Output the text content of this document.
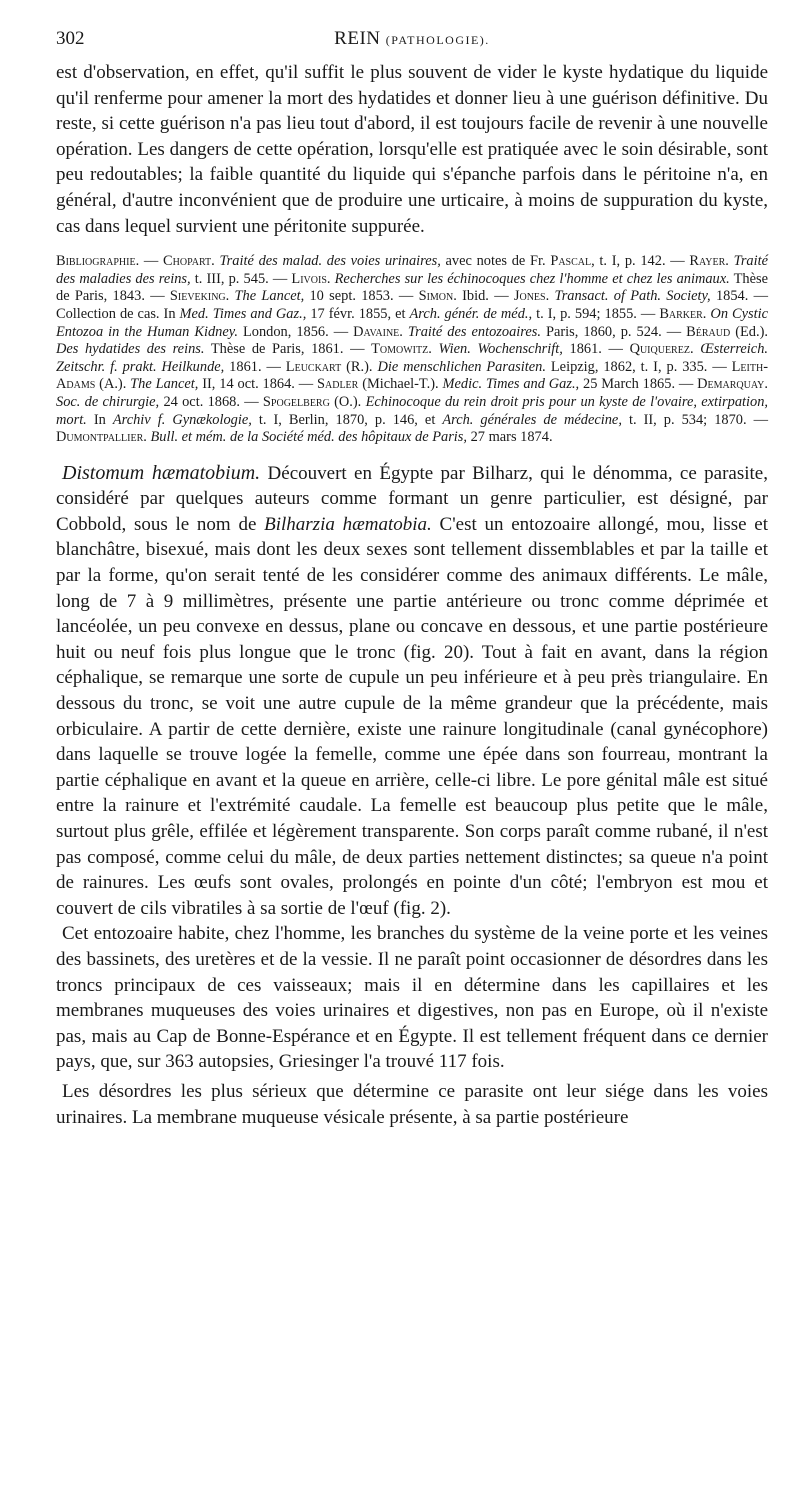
302	REIN (PATHOLOGIE).

est d'observation, en effet, qu'il suffit le plus souvent de vider le kyste hydatique du liquide qu'il renferme pour amener la mort des hydatides et donner lieu à une guérison définitive. Du reste, si cette guérison n'a pas lieu tout d'abord, il est toujours facile de revenir à une nouvelle opération. Les dangers de cette opération, lorsqu'elle est pratiquée avec le soin désirable, sont peu redoutables; la faible quantité du liquide qui s'épanche parfois dans le péritoine n'a, en général, d'autre inconvénient que de produire une urticaire, à moins de suppuration du kyste, cas dans lequel survient une péritonite suppurée.

Bibliographie. — Chopart. Traité des malad. des voies urinaires, avec notes de Fr. Pascal, t. I, p. 142. — Rayer. Traité des maladies des reins, t. III, p. 545. — Livois. Recherches sur les échinocoques chez l'homme et chez les animaux. Thèse de Paris, 1843. — Sieveking. The Lancet, 10 sept. 1853. — Simon. Ibid. — Jones. Transact. of Path. Society, 1854. — Collection de cas. In Med. Times and Gaz., 17 févr. 1855, et Arch. génér. de méd., t. I, p. 594; 1855. — Barker. On Cystic Entozoa in the Human Kidney. London, 1856. — Davaine. Traité des entozoaires. Paris, 1860, p. 524. — Béraud (Ed.). Des hydatides des reins. Thèse de Paris, 1861. — Tomowitz. Wien. Wochenschrift, 1861. — Quiquerez. Œsterreich. Zeitschr. f. prakt. Heilkunde, 1861. — Leuckart (R.). Die menschlichen Parasiten. Leipzig, 1862, t. I, p. 335. — Leith-Adams (A.). The Lancet, II, 14 oct. 1864. — Sadler (Michael-T.). Medic. Times and Gaz., 25 March 1865. — Demarquay. Soc. de chirurgie, 24 oct. 1868. — Spogelberg (O.). Echinocoque du rein droit pris pour un kyste de l'ovaire, extirpation, mort. In Archiv f. Gynækologie, t. I, Berlin, 1870, p. 146, et Arch. générales de médecine, t. II, p. 534; 1870. — Dumontpallier. Bull. et mém. de la Société méd. des hôpitaux de Paris, 27 mars 1874.

Distomum hæmatobium. Découvert en Égypte par Bilharz, qui le dénomma, ce parasite, considéré par quelques auteurs comme formant un genre particulier, est désigné, par Cobbold, sous le nom de Bilharzia hæmatobia. C'est un entozoaire allongé, mou, lisse et blanchâtre, bisexué, mais dont les deux sexes sont tellement dissemblables et par la taille et par la forme, qu'on serait tenté de les considérer comme des animaux différents. Le mâle, long de 7 à 9 millimètres, présente une partie antérieure ou tronc comme déprimée et lancéolée, un peu convexe en dessus, plane ou concave en dessous, et une partie postérieure huit ou neuf fois plus longue que le tronc (fig. 20). Tout à fait en avant, dans la région céphalique, se remarque une sorte de cupule un peu inférieure et à peu près triangulaire. En dessous du tronc, se voit une autre cupule de la même grandeur que la précédente, mais orbiculaire. A partir de cette dernière, existe une rainure longitudinale (canal gynécophore) dans laquelle se trouve logée la femelle, comme une épée dans son fourreau, montrant la partie céphalique en avant et la queue en arrière, celle-ci libre. Le pore génital mâle est situé entre la rainure et l'extrémité caudale. La femelle est beaucoup plus petite que le mâle, surtout plus grêle, effilée et légèrement transparente. Son corps paraît comme rubané, il n'est pas composé, comme celui du mâle, de deux parties nettement distinctes; sa queue n'a point de rainures. Les œufs sont ovales, prolongés en pointe d'un côté; l'embryon est mou et couvert de cils vibratiles à sa sortie de l'œuf (fig. 2).

Cet entozoaire habite, chez l'homme, les branches du système de la veine porte et les veines des bassinets, des uretères et de la vessie. Il ne paraît point occasionner de désordres dans les troncs principaux de ces vaisseaux; mais il en détermine dans les capillaires et les membranes muqueuses des voies urinaires et digestives, non pas en Europe, où il n'existe pas, mais au Cap de Bonne-Espérance et en Égypte. Il est tellement fréquent dans ce dernier pays, que, sur 363 autopsies, Griesinger l'a trouvé 117 fois.

Les désordres les plus sérieux que détermine ce parasite ont leur siége dans les voies urinaires. La membrane muqueuse vésicale présente, à sa partie postérieure
